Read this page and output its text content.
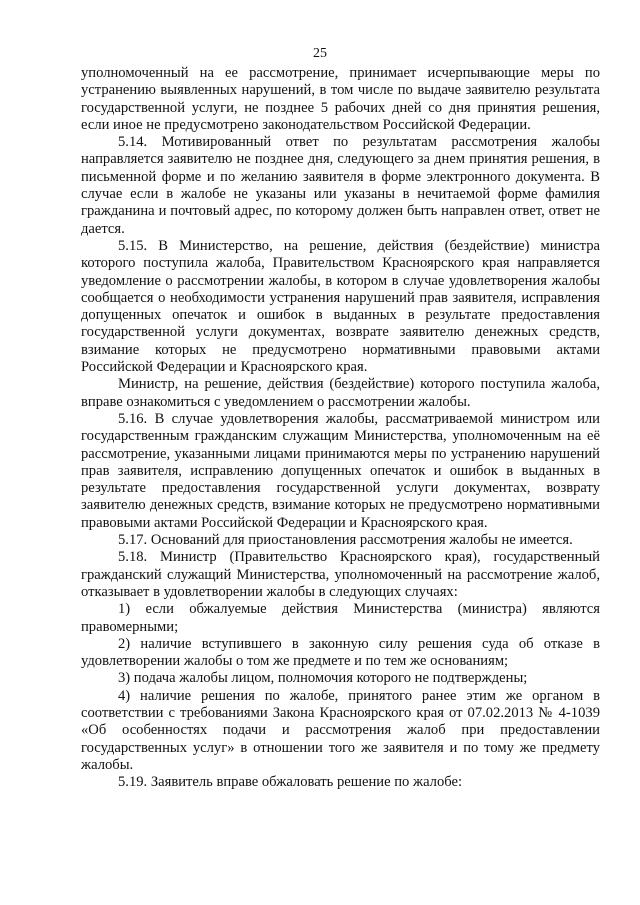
25

уполномоченный на ее рассмотрение, принимает исчерпывающие меры по устранению выявленных нарушений, в том числе по выдаче заявителю результата государственной услуги, не позднее 5 рабочих дней со дня принятия решения, если иное не предусмотрено законодательством Российской Федерации.

5.14. Мотивированный ответ по результатам рассмотрения жалобы направляется заявителю не позднее дня, следующего за днем принятия решения, в письменной форме и по желанию заявителя в форме электронного документа. В случае если в жалобе не указаны или указаны в нечитаемой форме фамилия гражданина и почтовый адрес, по которому должен быть направлен ответ, ответ не дается.

5.15. В Министерство, на решение, действия (бездействие) министра которого поступила жалоба, Правительством Красноярского края направляется уведомление о рассмотрении жалобы, в котором в случае удовлетворения жалобы сообщается о необходимости устранения нарушений прав заявителя, исправления допущенных опечаток и ошибок в выданных в результате предоставления государственной услуги документах, возврате заявителю денежных средств, взимание которых не предусмотрено нормативными правовыми актами Российской Федерации и Красноярского края.

Министр, на решение, действия (бездействие) которого поступила жалоба, вправе ознакомиться с уведомлением о рассмотрении жалобы.

5.16. В случае удовлетворения жалобы, рассматриваемой министром или государственным гражданским служащим Министерства, уполномоченным на её рассмотрение, указанными лицами принимаются меры по устранению нарушений прав заявителя, исправлению допущенных опечаток и ошибок в выданных в результате предоставления государственной услуги документах, возврату заявителю денежных средств, взимание которых не предусмотрено нормативными правовыми актами Российской Федерации и Красноярского края.

5.17. Оснований для приостановления рассмотрения жалобы не имеется.

5.18. Министр (Правительство Красноярского края), государственный гражданский служащий Министерства, уполномоченный на рассмотрение жалоб, отказывает в удовлетворении жалобы в следующих случаях:

1) если обжалуемые действия Министерства (министра) являются правомерными;

2) наличие вступившего в законную силу решения суда об отказе в удовлетворении жалобы о том же предмете и по тем же основаниям;

3) подача жалобы лицом, полномочия которого не подтверждены;

4) наличие решения по жалобе, принятого ранее этим же органом в соответствии с требованиями Закона Красноярского края от 07.02.2013 № 4-1039 «Об особенностях подачи и рассмотрения жалоб при предоставлении государственных услуг» в отношении того же заявителя и по тому же предмету жалобы.

5.19. Заявитель вправе обжаловать решение по жалобе:
